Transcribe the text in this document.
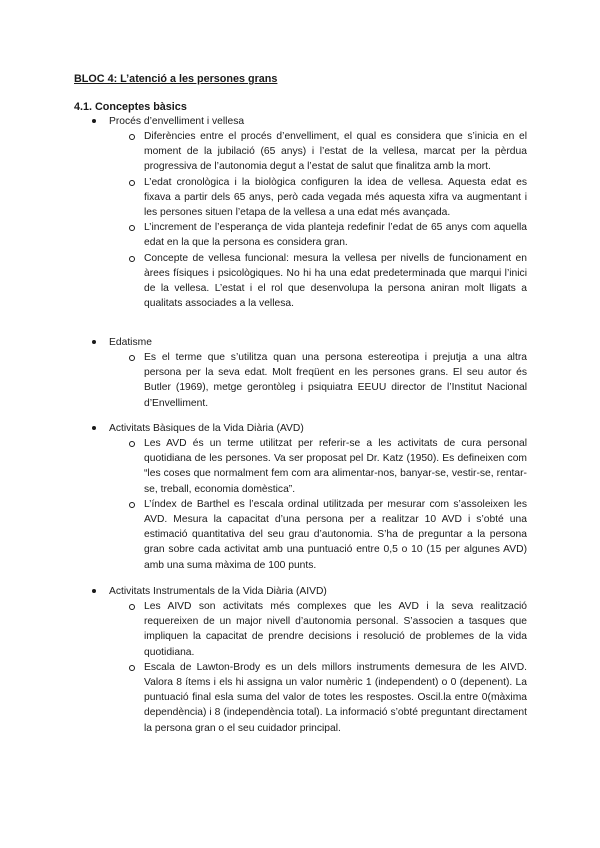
BLOC 4: L’atenció a les persones grans
4.1. Conceptes bàsics
Procés d’envelliment i vellesa
Diferències entre el procés d’envelliment, el qual es considera que s’inicia en el moment de la jubilació (65 anys) i l’estat de la vellesa, marcat per la pèrdua progressiva de l’autonomia degut a l’estat de salut que finalitza amb la mort.
L’edat cronològica i la biològica configuren la idea de vellesa. Aquesta edat es fixava a partir dels 65 anys, però cada vegada més aquesta xifra va augmentant i les persones situen l’etapa de la vellesa a una edat més avançada.
L’increment de l’esperança de vida planteja redefinir l’edat de 65 anys com aquella edat en la que la persona es considera gran.
Concepte de vellesa funcional: mesura la vellesa per nivells de funcionament en àrees físiques i psicològiques. No hi ha una edat predeterminada que marqui l’inici de la vellesa. L’estat i el rol que desenvolupa la persona aniran molt lligats a qualitats associades a la vellesa.
Edatisme
Es el terme que s’utilitza quan una persona estereotipa i prejutja a una altra persona per la seva edat. Molt freqüent en les persones grans. El seu autor és Butler (1969), metge gerontòleg i psiquiatra EEUU director de l’Institut Nacional d’Envelliment.
Activitats Bàsiques de la Vida Diària (AVD)
Les AVD és un terme utilitzat per referir-se a les activitats de cura personal quotidiana de les persones. Va ser proposat pel Dr. Katz (1950). Es defineixen com “les coses que normalment fem com ara alimentar-nos, banyar-se, vestir-se, rentar-se, treball, economia domèstica”.
L’índex de Barthel es l’escala ordinal utilitzada per mesurar com s’assoleixen les AVD. Mesura la capacitat d’una persona per a realitzar 10 AVD i s’obté una estimació quantitativa del seu grau d’autonomia. S’ha de preguntar a la persona gran sobre cada activitat amb una puntuació entre 0,5 o 10 (15 per algunes AVD) amb una suma màxima de 100 punts.
Activitats Instrumentals de la Vida Diària (AIVD)
Les AIVD son activitats més complexes que les AVD i la seva realització requereixen de un major nivell d’autonomia personal. S’associen a tasques que impliquen la capacitat de prendre decisions i resolució de problemes de la vida quotidiana.
Escala de Lawton-Brody es un dels millors instruments demesura de les AIVD. Valora 8 ítems i els hi assigna un valor numèric 1 (independent) o 0 (depenent). La puntuació final esla suma del valor de totes les respostes. Oscil.la entre 0(màxima dependència) i 8 (independència total). La informació s’obté preguntant directament la persona gran o el seu cuidador principal.
